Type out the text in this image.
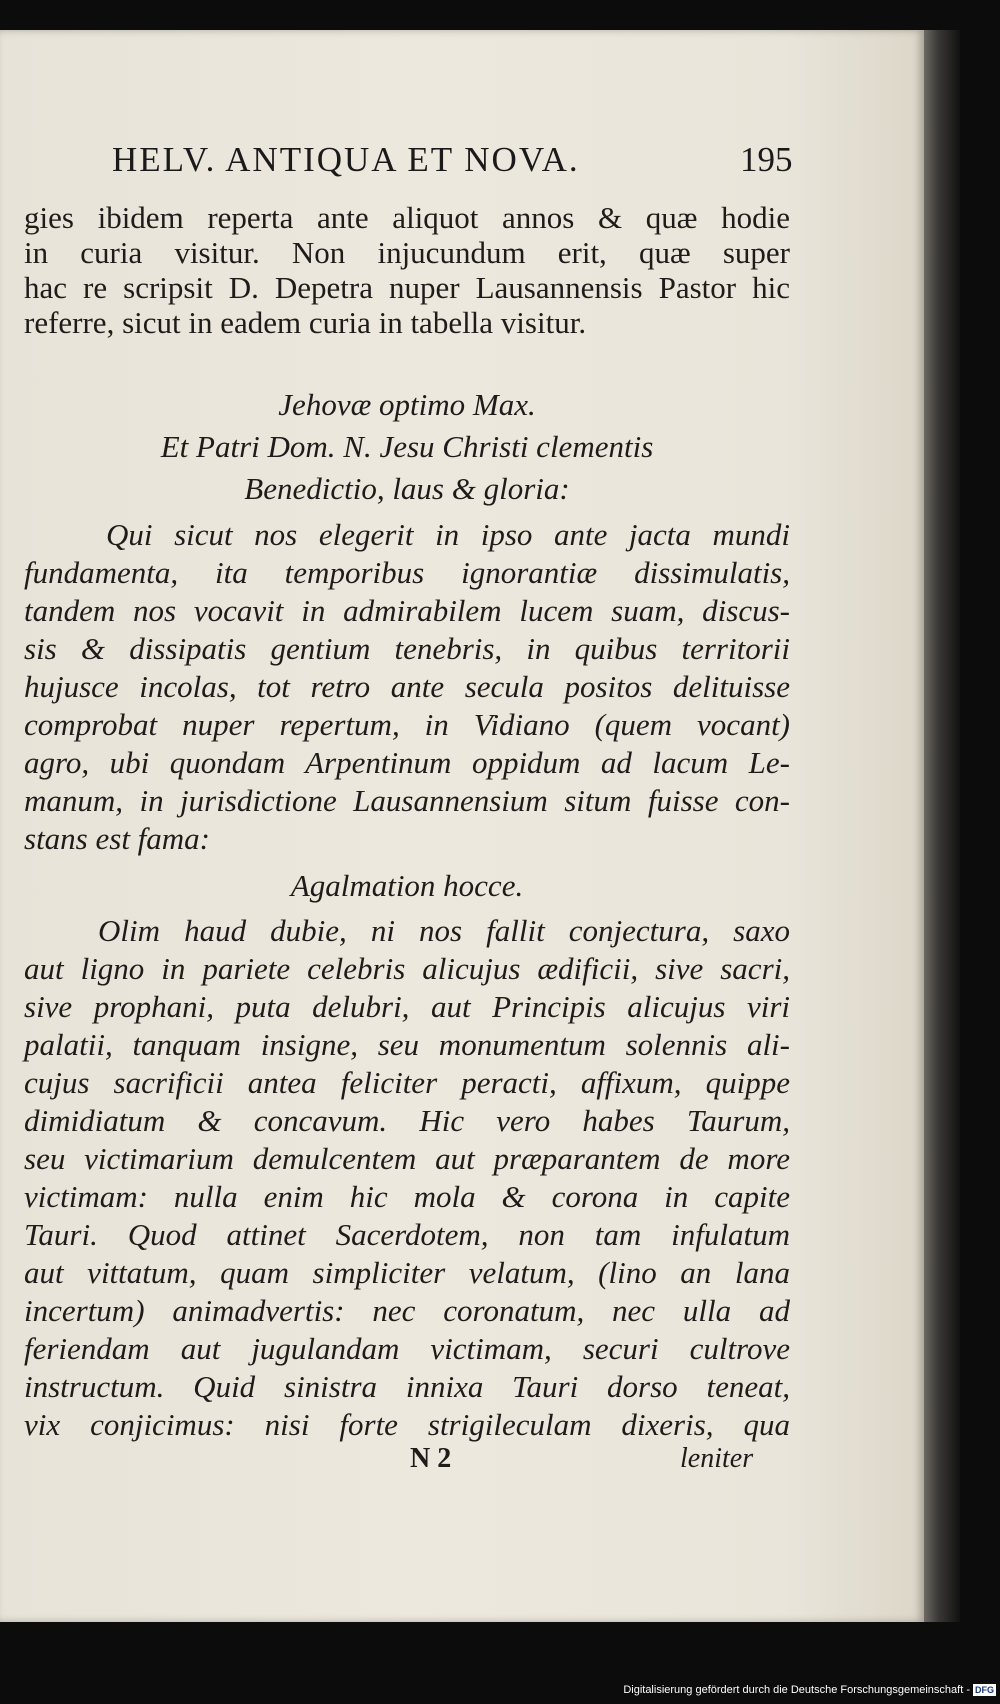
HELV. ANTIQUA ET NOVA.	195
gies ibidem reperta ante aliquot annos & quæ hodie
in curia visitur. Non injucundum erit, quæ super
hac re scripsit D. Depetra nuper Lausannensis Pastor hic
referre, sicut in eadem curia in tabella visitur.
Jehovæ optimo Max.
Et Patri Dom. N. Jesu Christi clementis
Benedictio, laus & gloria:
Qui sicut nos elegerit in ipso ante jacta mundi
fundamenta, ita temporibus ignorantiæ dissimulatis,
tandem nos vocavit in admirabilem lucem suam, discus-
sis & dissipatis gentium tenebris, in quibus territorii
hujusce incolas, tot retro ante secula positos delituisse
comprobat nuper repertum, in Vidiano (quem vocant)
agro, ubi quondam Arpentinum oppidum ad lacum Le-
manum, in jurisdictione Lausannensium situm fuisse con-
stans est fama:
Agalmation hocce.
Olim haud dubie, ni nos fallit conjectura, saxo
aut ligno in pariete celebris alicujus ædificii, sive sacri,
sive prophani, puta delubri, aut Principis alicujus viri
palatii, tanquam insigne, seu monumentum solennis ali-
cujus sacrificii antea feliciter peracti, affixum, quippe
dimidiatum & concavum. Hic vero habes Taurum,
seu victimarium demulcentem aut præparantem de more
victimam: nulla enim hic mola & corona in capite
Tauri. Quod attinet Sacerdotem, non tam infulatum
aut vittatum, quam simpliciter velatum, (lino an lana
incertum) animadvertis: nec coronatum, nec ulla ad
feriendam aut jugulandam victimam, securi cultrove
instructum. Quid sinistra innixa Tauri dorso teneat,
vix conjicimus: nisi forte strigileculam dixeris, qua
N 2	leniter
Digitalisierung gefördert durch die Deutsche Forschungsgemeinschaft - DFG
